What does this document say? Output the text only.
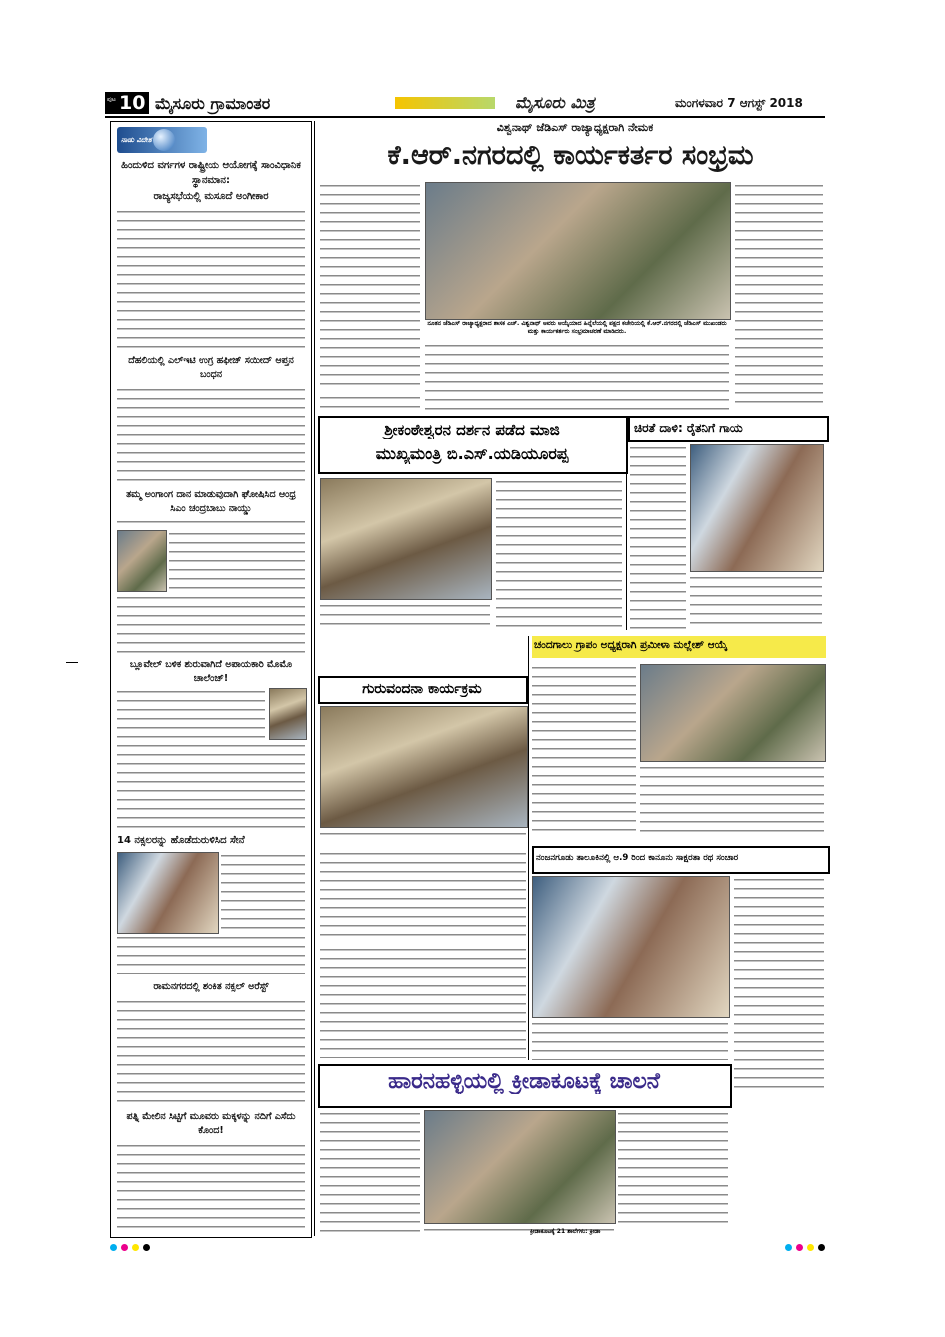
ಪುಟ 10 ಮೈಸೂರು ಗ್ರಾಮಾಂತರ	ಮೈಸೂರು ಮಿತ್ರ	ಮಂಗಳವಾರ 7 ಆಗಸ್ಟ್ 2018
ನಾಡು ವಿದೇಶ
ಹಿಂದುಳಿದ ವರ್ಗಗಳ ರಾಷ್ಟ್ರೀಯ ಆಯೋಗಕ್ಕೆ ಸಾಂವಿಧಾನಿಕ ಸ್ಥಾನಮಾನ:
ರಾಜ್ಯಸಭೆಯಲ್ಲಿ ಮಸೂದೆ ಅಂಗೀಕಾರ
ದೆಹಲಿಯಲ್ಲಿ ಎಲ್‌ಇಟಿ ಉಗ್ರ ಹಫೀಜ್ ಸಯೀದ್ ಆಪ್ತನ ಬಂಧನ
ತಮ್ಮ ಅಂಗಾಂಗ ದಾನ ಮಾಡುವುದಾಗಿ ಘೋಷಿಸಿದ ಆಂಧ್ರ ಸಿಎಂ ಚಂದ್ರಬಾಬು ನಾಯ್ಡು
ಬ್ಲೂವೇಲ್ ಬಳಿಕ ಶುರುವಾಗಿದೆ ಅಪಾಯಕಾರಿ ಮೊಮೊ ಚಾಲೆಂಜ್!
14 ನಕ್ಸಲರನ್ನು ಹೊಡೆದುರುಳಿಸಿದ ಸೇನೆ
ರಾಮನಗರದಲ್ಲಿ ಶಂಕಿತ ನಕ್ಸಲ್ ಅರೆಸ್ಟ್
ಪತ್ನಿ ಮೇಲಿನ ಸಿಟ್ಟಿಗೆ ಮೂವರು ಮಕ್ಕಳನ್ನು ನದಿಗೆ ಎಸೆದು ಕೊಂದ!
ವಿಶ್ವನಾಥ್ ಜೆಡಿಎಸ್ ರಾಜ್ಯಾಧ್ಯಕ್ಷರಾಗಿ ನೇಮಕ
ಕೆ.ಆರ್.ನಗರದಲ್ಲಿ ಕಾರ್ಯಕರ್ತರ ಸಂಭ್ರಮ
ನೂತನ ಜೆಡಿಎಸ್ ರಾಜ್ಯಾಧ್ಯಕ್ಷರಾದ ಶಾಸಕ ಎಚ್. ವಿಶ್ವನಾಥ್ ಅವರು ಆಯ್ಕೆಯಾದ ಹಿನ್ನೆಲೆಯಲ್ಲಿ ಪಕ್ಷದ ಕಚೇರಿಯಲ್ಲಿ ಕೆ.ಆರ್.ನಗರದಲ್ಲಿ ಜೆಡಿಎಸ್ ಮುಖಂಡರು ಮತ್ತು ಕಾರ್ಯಕರ್ತರು ಸಂಭ್ರಮಾಚರಣೆ ಮಾಡಿದರು.
ಶ್ರೀಕಂಠೇಶ್ವರನ ದರ್ಶನ ಪಡೆದ ಮಾಜಿ
ಮುಖ್ಯಮಂತ್ರಿ ಬಿ.ಎಸ್.ಯಡಿಯೂರಪ್ಪ
ಚಿರತೆ ದಾಳಿ: ರೈತನಿಗೆ ಗಾಯ
ಚಂದಗಾಲು ಗ್ರಾಪಂ ಅಧ್ಯಕ್ಷರಾಗಿ ಪ್ರಮೀಳಾ ಮಲ್ಲೇಶ್ ಆಯ್ಕೆ
ಗುರುವಂದನಾ ಕಾರ್ಯಕ್ರಮ
ನಂಜನಗೂಡು ತಾಲೂಕಿನಲ್ಲಿ ಆ.9 ರಿಂದ ಕಾನೂನು ಸಾಕ್ಷರತಾ ರಥ ಸಂಚಾರ
ಹಾರನಹಳ್ಳಿಯಲ್ಲಿ ಕ್ರೀಡಾಕೂಟಕ್ಕೆ ಚಾಲನೆ
ಕ್ರೀಡಾಕೂಟಕ್ಕೆ 21 ಶಾಲೆಗಳು: ಕ್ರೀಡಾ
